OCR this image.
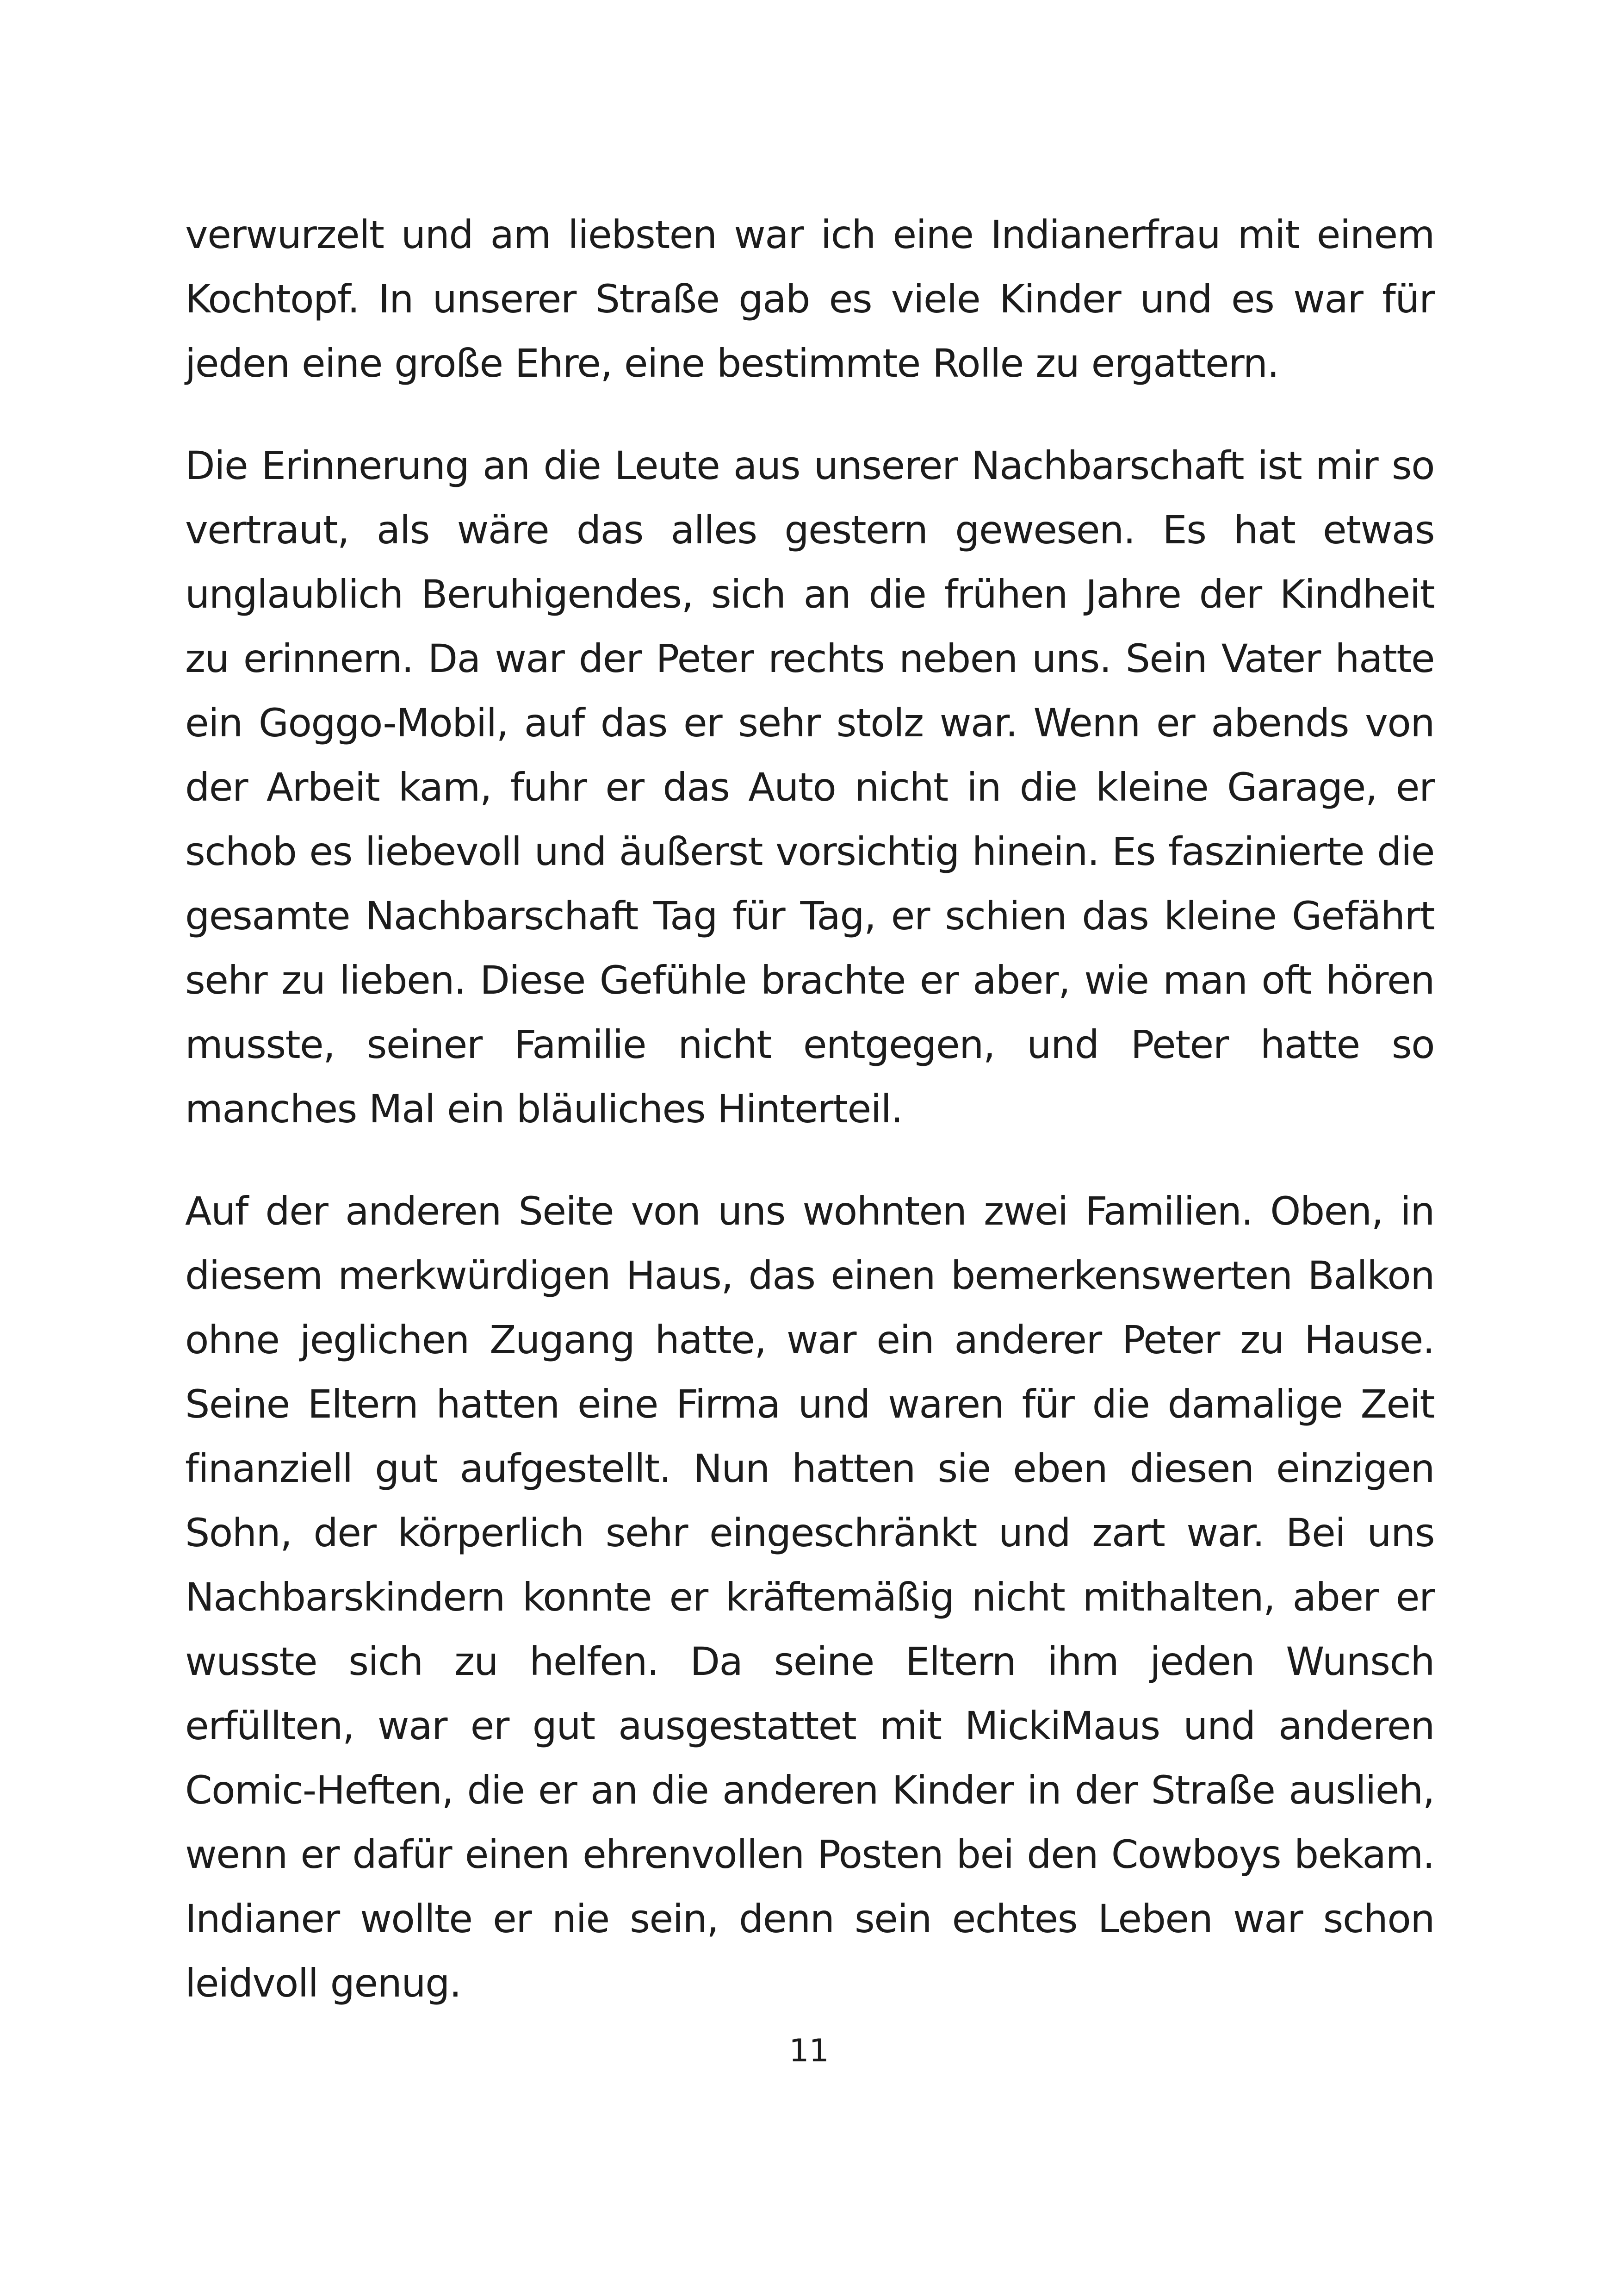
verwurzelt und am liebsten war ich eine Indianerfrau mit einem Kochtopf. In unserer Straße gab es viele Kinder und es war für jeden eine große Ehre, eine bestimmte Rolle zu ergattern.

Die Erinnerung an die Leute aus unserer Nachbarschaft ist mir so vertraut, als wäre das alles gestern gewesen. Es hat etwas unglaublich Beruhigendes, sich an die frühen Jahre der Kindheit zu erinnern. Da war der Peter rechts neben uns. Sein Vater hatte ein Goggo-Mobil, auf das er sehr stolz war. Wenn er abends von der Arbeit kam, fuhr er das Auto nicht in die kleine Garage, er schob es liebevoll und äußerst vorsichtig hinein. Es faszinierte die gesamte Nachbarschaft Tag für Tag, er schien das kleine Gefährt sehr zu lieben. Diese Gefühle brachte er aber, wie man oft hören musste, seiner Familie nicht entgegen, und Peter hatte so manches Mal ein bläuliches Hinterteil.

Auf der anderen Seite von uns wohnten zwei Familien. Oben, in diesem merkwürdigen Haus, das einen bemerkenswerten Balkon ohne jeglichen Zugang hatte, war ein anderer Peter zu Hause. Seine Eltern hatten eine Firma und waren für die damalige Zeit finanziell gut aufgestellt. Nun hatten sie eben diesen einzigen Sohn, der körperlich sehr eingeschränkt und zart war. Bei uns Nachbarskindern konnte er kräftemäßig nicht mithalten, aber er wusste sich zu helfen. Da seine Eltern ihm jeden Wunsch erfüllten, war er gut ausgestattet mit MickiMaus und anderen Comic-Heften, die er an die anderen Kinder in der Straße auslieh, wenn er dafür einen ehrenvollen Posten bei den Cowboys bekam. Indianer wollte er nie sein, denn sein echtes Leben war schon leidvoll genug.

11
